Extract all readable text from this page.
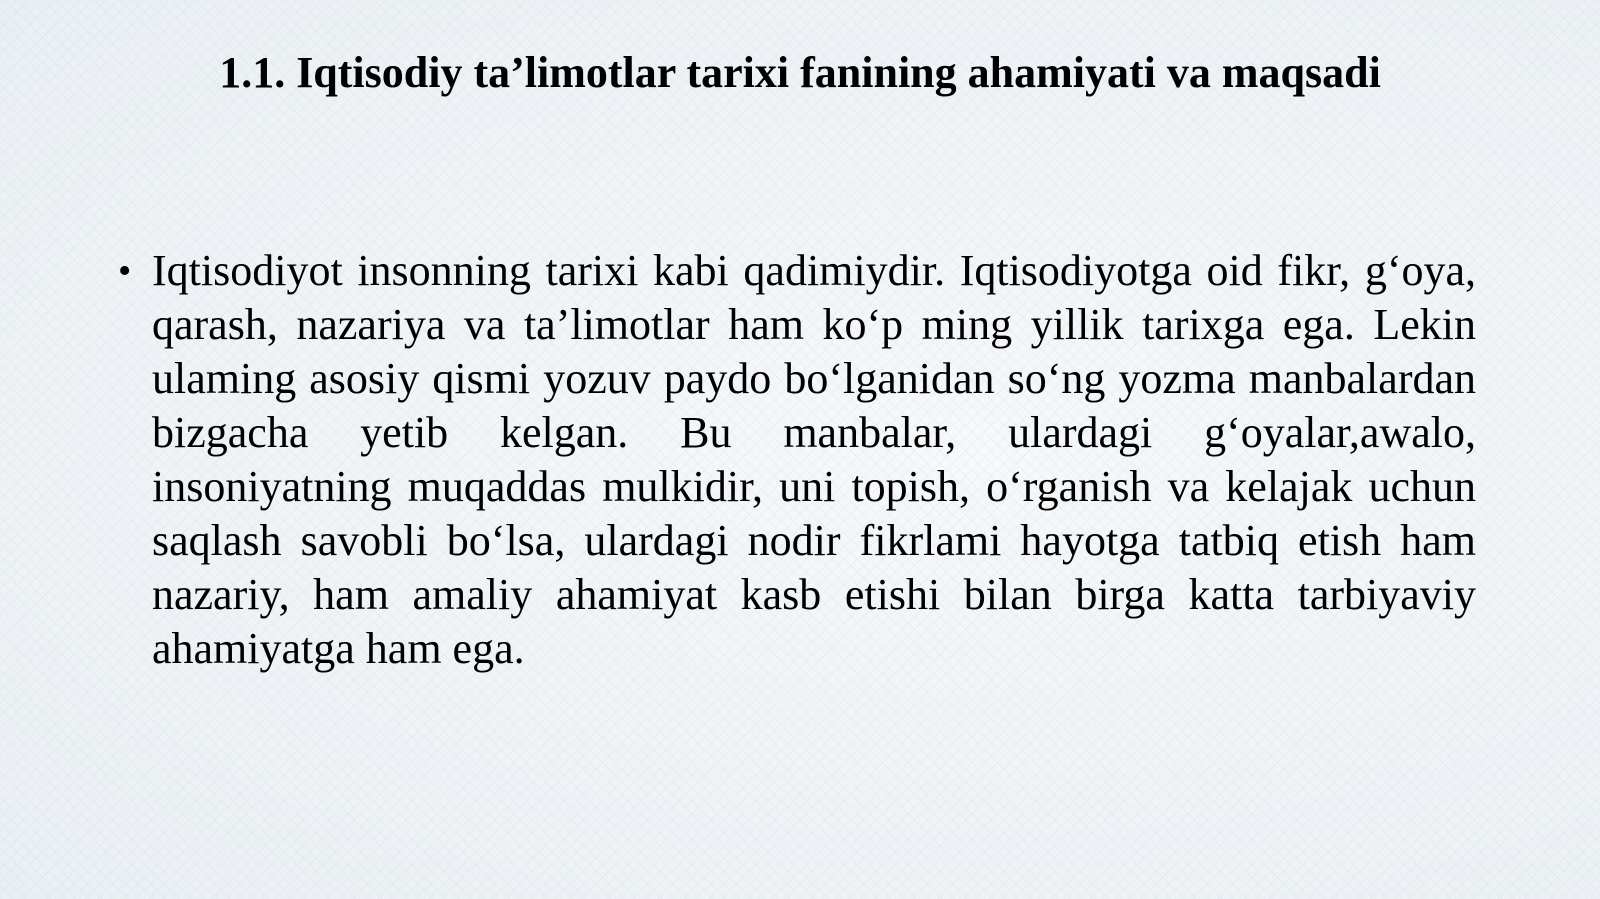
1.1. Iqtisodiy ta’limotlar tarixi fanining ahamiyati va maqsadi
• Iqtisodiyot insonning tarixi kabi qadimiydir. Iqtisodiyotga oid fikr, g‘oya, qarash, nazariya va ta’limotlar ham ko‘p ming yillik tarixga ega. Lekin ulaming asosiy qismi yozuv paydo bo‘lganidan so‘ng yozma manbalardan bizgacha yetib kelgan. Bu manbalar, ulardagi g‘oyalar,awalo, insoniyatning muqaddas mulkidir, uni topish, o‘rganish va kelajak uchun saqlash savobli bo‘lsa, ulardagi nodir fikrlami hayotga tatbiq etish ham nazariy, ham amaliy ahamiyat kasb etishi bilan birga katta tarbiyaviy ahamiyatga ham ega.
